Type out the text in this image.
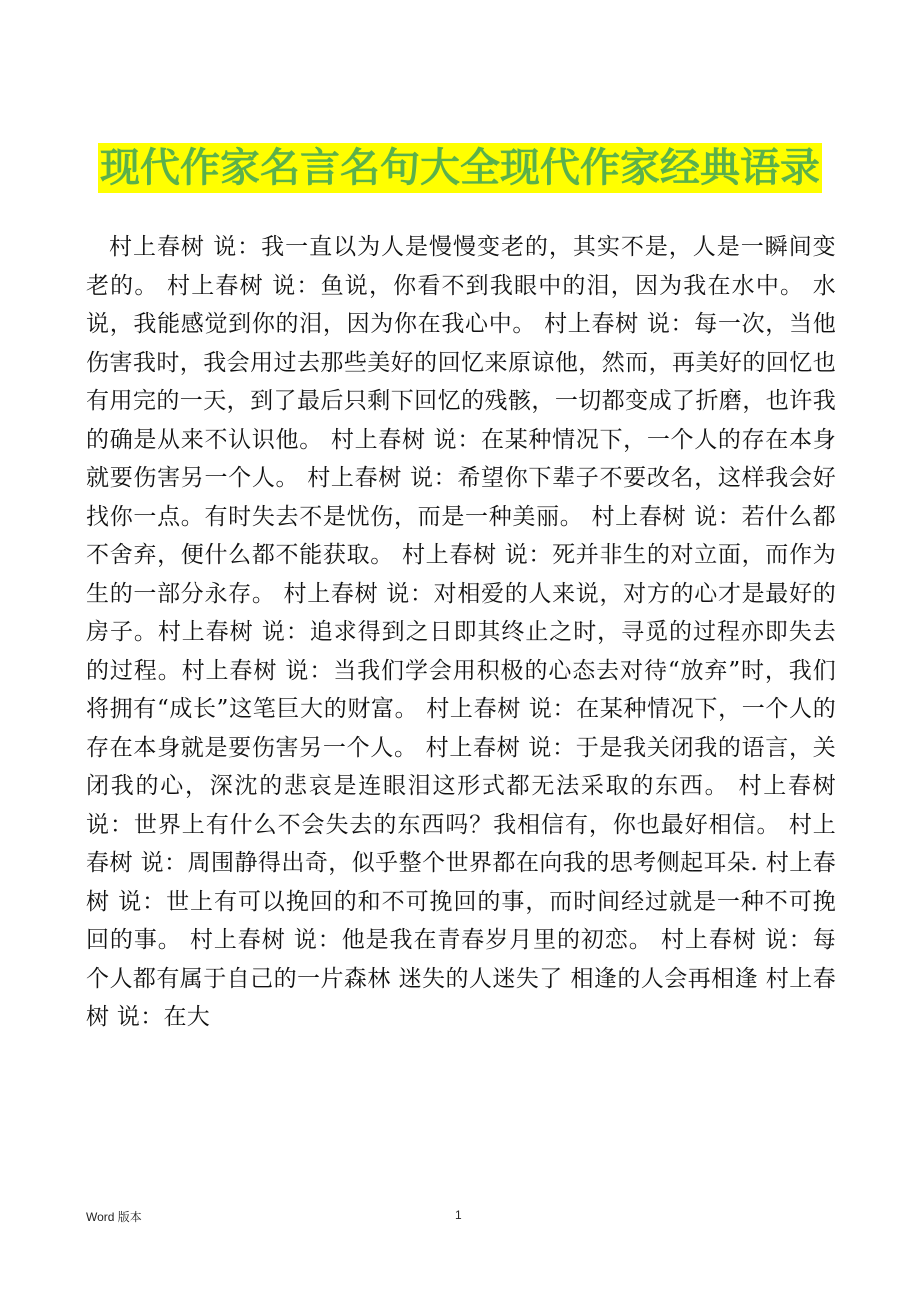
现代作家名言名句大全现代作家经典语录
村上春树 说：我一直以为人是慢慢变老的，其实不是，人是一瞬间变老的。 村上春树 说：鱼说，你看不到我眼中的泪，因为我在水中。 水说，我能感觉到你的泪，因为你在我心中。 村上春树 说：每一次，当他伤害我时，我会用过去那些美好的回忆来原谅他，然而，再美好的回忆也有用完的一天，到了最后只剩下回忆的残骸，一切都变成了折磨，也许我的确是从来不认识他。 村上春树 说：在某种情况下，一个人的存在本身就要伤害另一个人。 村上春树 说：希望你下辈子不要改名，这样我会好找你一点。有时失去不是忧伤，而是一种美丽。 村上春树 说：若什么都不舍弃，便什么都不能获取。 村上春树 说：死并非生的对立面，而作为生的一部分永存。 村上春树 说：对相爱的人来说，对方的心才是最好的房子。村上春树 说：追求得到之日即其终止之时，寻觅的过程亦即失去的过程。村上春树 说：当我们学会用积极的心态去对待“放弃”时，我们将拥有“成长”这笔巨大的财富。 村上春树 说：在某种情况下，一个人的存在本身就是要伤害另一个人。 村上春树 说：于是我关闭我的语言，关闭我的心，深沈的悲哀是连眼泪这形式都无法采取的东西。 村上春树 说：世界上有什么不会失去的东西吗？我相信有，你也最好相信。 村上春树 说：周围静得出奇，似乎整个世界都在向我的思考侧起耳朵. 村上春树 说：世上有可以挽回的和不可挽回的事，而时间经过就是一种不可挽回的事。 村上春树 说：他是我在青春岁月里的初恋。 村上春树 说：每个人都有属于自己的一片森林 迷失的人迷失了 相逢的人会再相逢 村上春树 说：在大
Word 版本	1
